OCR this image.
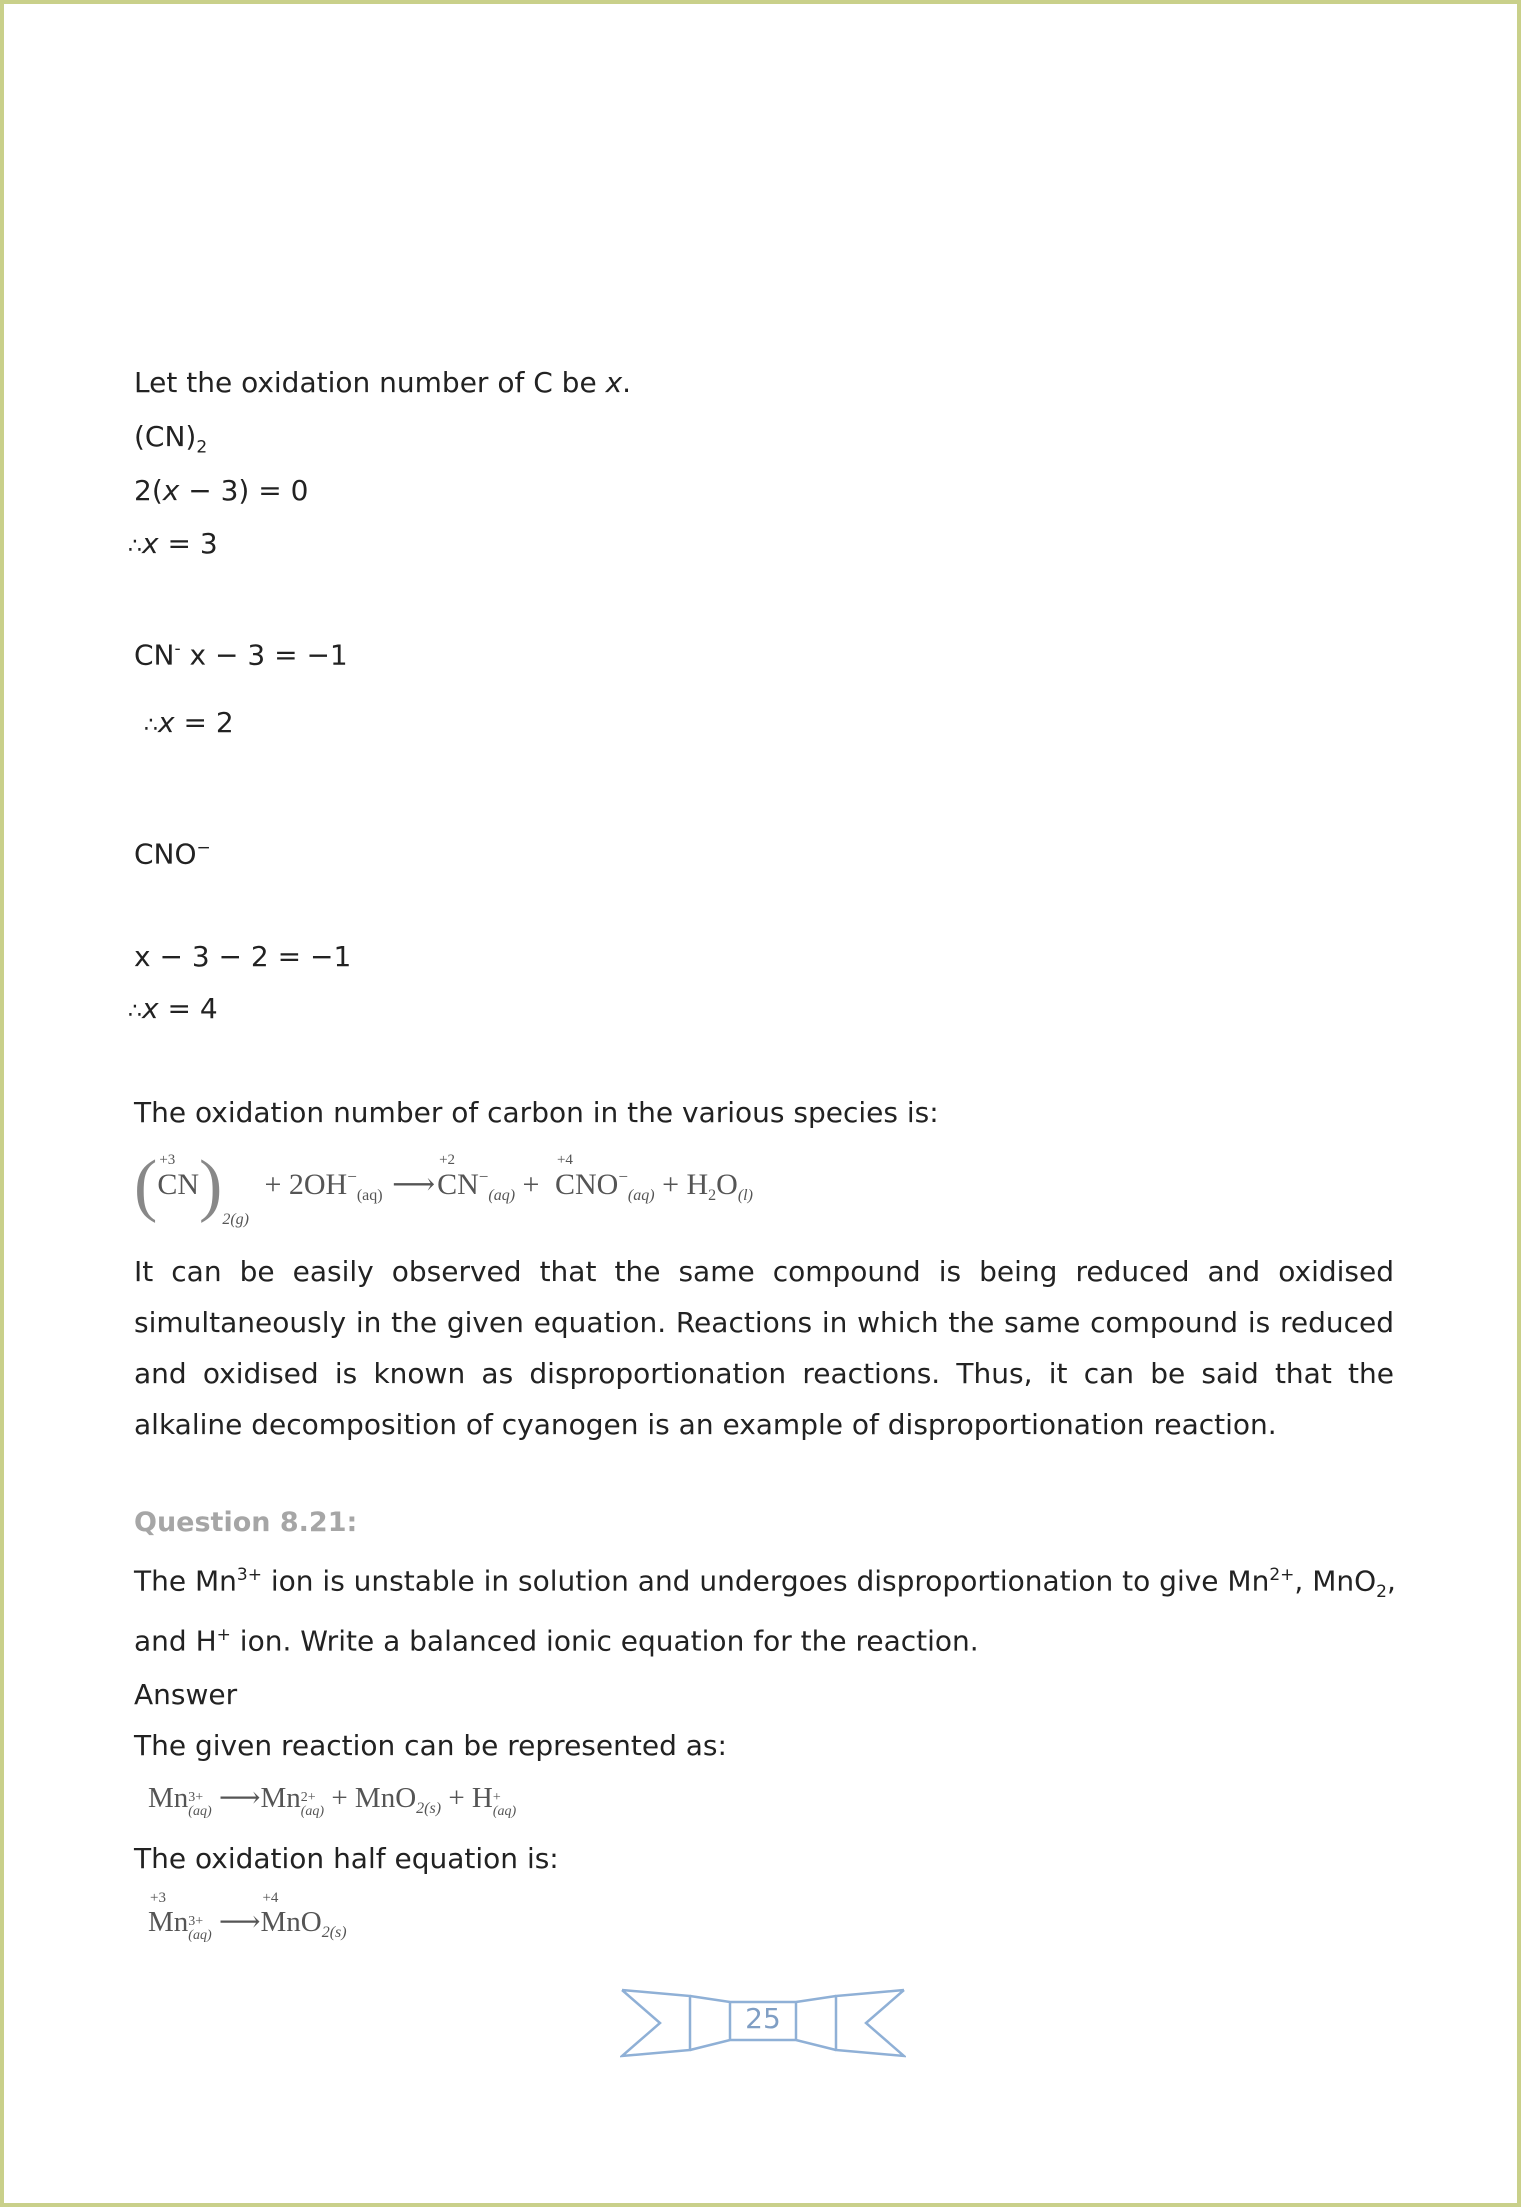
Let the oxidation number of C be x.
$(CN)_2$
2(x − 3) = 0
∴x = 3
CN- x − 3 = −1
∴x = 2
CNO−
x − 3 − 2 = −1
∴x = 4
The oxidation number of carbon in the various species is:
( +3
$CN)_{2(g)} + 2OH^-_{(aq)}$ ⟶
+2
$CN^-_{(aq)}$ +
+4
$CNO^-_{(aq)} + H_2O_{(l)}$
It can be easily observed that the same compound is being reduced and oxidised simultaneously in the given equation. Reactions in which the same compound is reduced and oxidised is known as disproportionation reactions. Thus, it can be said that the alkaline decomposition of cyanogen is an example of disproportionation reaction.
Question 8.21:
The $Mn^{3+}$ ion is unstable in solution and undergoes disproportionation to give $Mn^{2+}$, MnO$_2$,
and H+ ion. Write a balanced ionic equation for the reaction.
Answer
The given reaction can be represented as:
Mn 3+
(aq) ⟶Mn 2+
(aq) + MnO$_{2(s)}$ + H +
(aq)
The oxidation half equation is:
+3
Mn 3+
(aq) ⟶
+4
MnO$_{2(s)}$
25
